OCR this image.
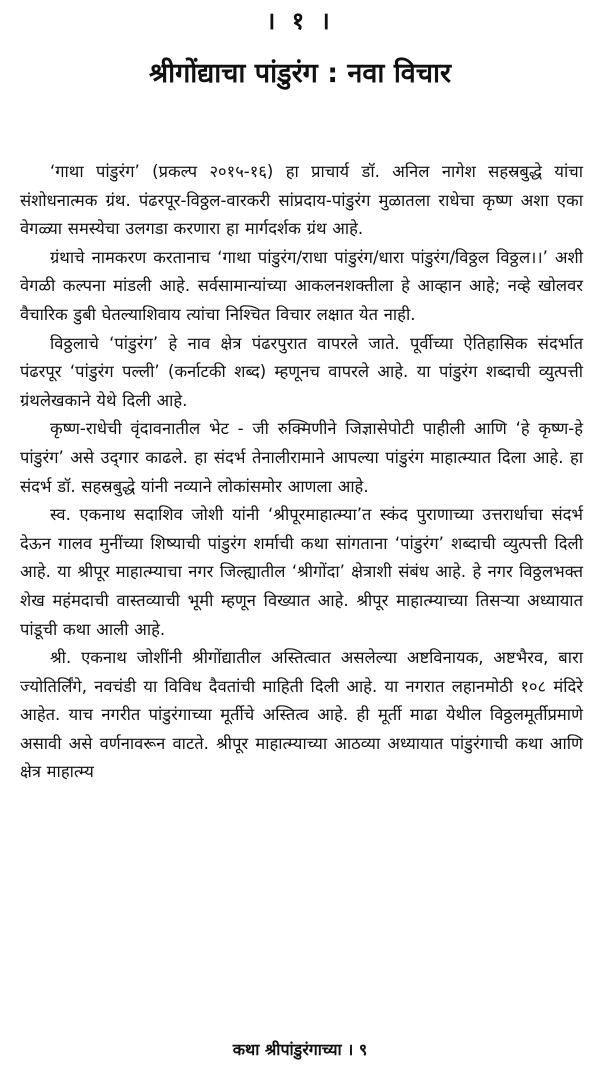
। १ ।
श्रीगोंद्याचा पांडुरंग : नवा विचार

‘गाथा पांडुरंग’ (प्रकल्प २०१५-१६) हा प्राचार्य डॉ. अनिल नागेश सहस्रबुद्धे यांचा संशोधनात्मक ग्रंथ. पंढरपूर-विठ्ठल-वारकरी सांप्रदाय-पांडुरंग मुळातला राधेचा कृष्ण अशा एका वेगळ्या समस्येचा उलगडा करणारा हा मार्गदर्शक ग्रंथ आहे.

ग्रंथाचे नामकरण करतानाच ‘गाथा पांडुरंग/राधा पांडुरंग/धारा पांडुरंग/विठ्ठल विठ्ठल।।’ अशी वेगळी कल्पना मांडली आहे. सर्वसामान्यांच्या आकलनशक्तीला हे आव्हान आहे; नव्हे खोलवर वैचारिक डुबी घेतल्याशिवाय त्यांचा निश्चित विचार लक्षात येत नाही.

विठ्ठलाचे ‘पांडुरंग’ हे नाव क्षेत्र पंढरपुरात वापरले जाते. पूर्वीच्या ऐतिहासिक संदर्भात पंढरपूर ‘पांडुरंग पल्ली’ (कर्नाटकी शब्द) म्हणूनच वापरले आहे. या पांडुरंग शब्दाची व्युत्पत्ती ग्रंथलेखकाने येथे दिली आहे.

कृष्ण-राधेची वृंदावनातील भेट - जी रुक्मिणीने जिज्ञासेपोटी पाहीली आणि ‘हे कृष्ण-हे पांडुरंग’ असे उद्‍गार काढले. हा संदर्भ तेनालीरामाने आपल्या पांडुरंग माहात्म्यात दिला आहे. हा संदर्भ डॉ. सहस्रबुद्धे यांनी नव्याने लोकांसमोर आणला आहे.

स्व. एकनाथ सदाशिव जोशी यांनी ‘श्रीपूरमाहात्म्या’त स्कंद पुराणाच्या उत्तरार्धाचा संदर्भ देऊन गालव मुनींच्या शिष्याची पांडुरंग शर्माची कथा सांगताना ‘पांडुरंग’ शब्दाची व्युत्पत्ती दिली आहे. या श्रीपूर माहात्म्याचा नगर जिल्ह्यातील ‘श्रीगोंदा’ क्षेत्राशी संबंध आहे. हे नगर विठ्ठलभक्त शेख महंमदाची वास्तव्याची भूमी म्हणून विख्यात आहे. श्रीपूर माहात्म्याच्या तिसऱ्या अध्यायात पांडूची कथा आली आहे.

श्री. एकनाथ जोशींनी श्रीगोंद्यातील अस्तित्वात असलेल्या अष्टविनायक, अष्टभैरव, बारा ज्योतिर्लिंगे, नवचंडी या विविध दैवतांची माहिती दिली आहे. या नगरात लहानमोठी १०८ मंदिरे आहेत. याच नगरीत पांडुरंगाच्या मूर्तीचे अस्तित्व आहे. ही मूर्ती माढा येथील विठ्ठलमूर्तीप्रमाणे असावी असे वर्णनावरून वाटते. श्रीपूर माहात्म्याच्या आठव्या अध्यायात पांडुरंगाची कथा आणि क्षेत्र माहात्म्य

कथा श्रीपांडुरंगाच्या । ९
